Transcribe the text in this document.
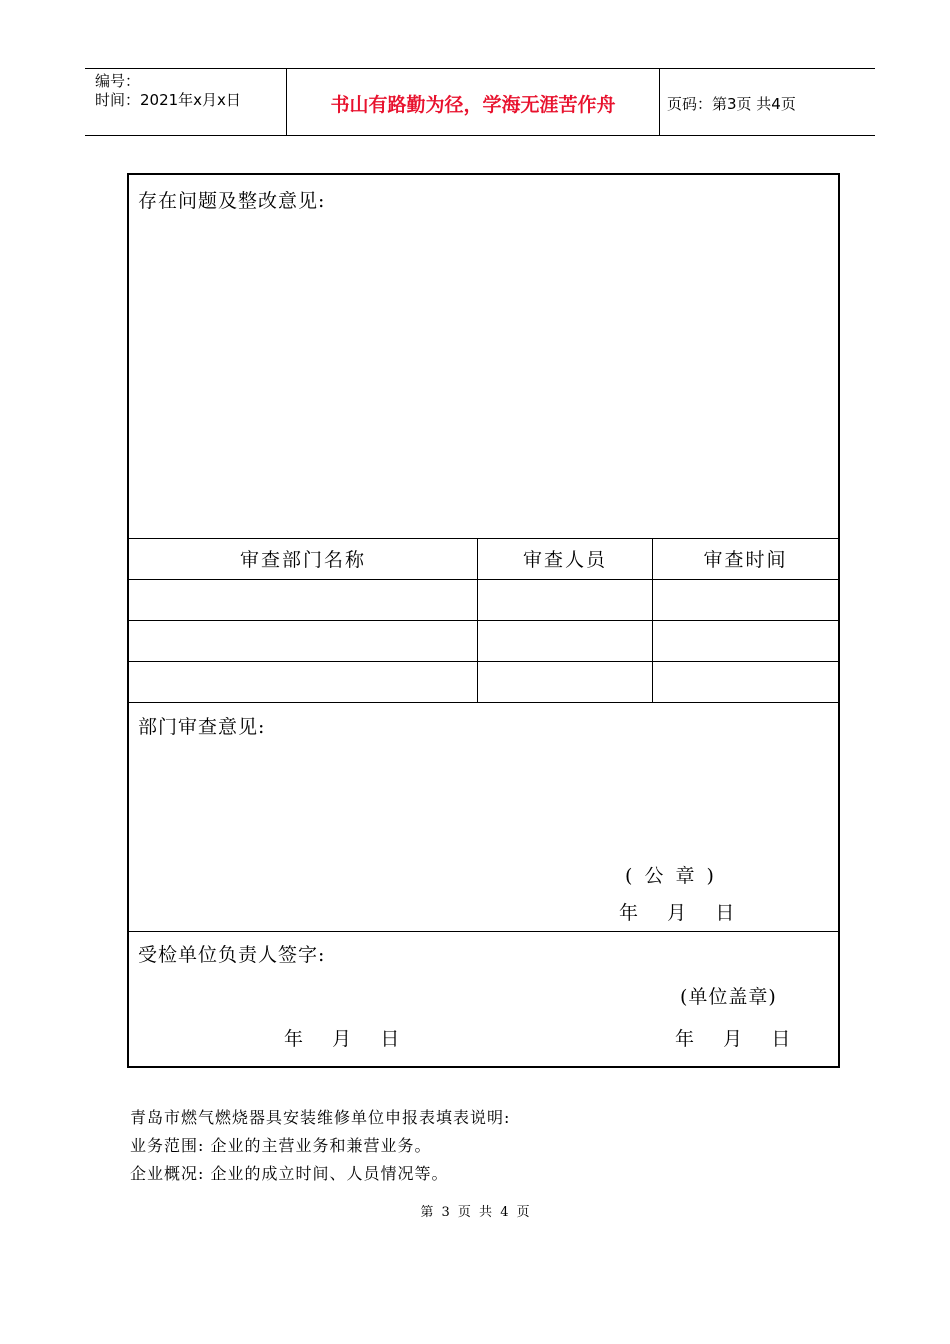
编号：
时间：2021年x月x日	书山有路勤为径，学海无涯苦作舟	页码：第3页 共4页
存在问题及整改意见:
审查部门名称	审查人员	审查时间
部门审查意见:
( 公 章 )
年    月    日
受检单位负责人签字:
(单位盖章)
年    月    日	年    月    日
青岛市燃气燃烧器具安装维修单位申报表填表说明:
业务范围: 企业的主营业务和兼营业务。
企业概况: 企业的成立时间、人员情况等。
第 3 页 共 4 页
